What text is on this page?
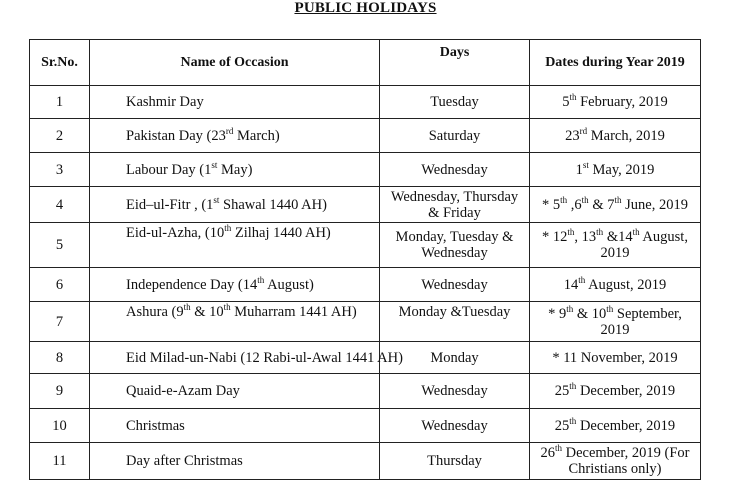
PUBLIC HOLIDAYS
Sr.No.	Name of Occasion	Days	Dates during Year 2019
1	Kashmir Day	Tuesday	5th February, 2019
2	Pakistan Day (23rd March)	Saturday	23rd March, 2019
3	Labour Day (1st May)	Wednesday	1st May, 2019
4	Eid–ul-Fitr , (1st Shawal 1440 AH)	Wednesday, Thursday & Friday	* 5th ,6th & 7th June, 2019
5	Eid-ul-Azha, (10th Zilhaj 1440 AH)	Monday, Tuesday & Wednesday	* 12th, 13th &14th August, 2019
6	Independence Day (14th August)	Wednesday	14th August, 2019
7	Ashura (9th & 10th Muharram 1441 AH)	Monday &Tuesday	* 9th & 10th September, 2019
8	Eid Milad-un-Nabi (12 Rabi-ul-Awal 1441 AH)	Monday	* 11 November, 2019
9	Quaid-e-Azam Day	Wednesday	25th December, 2019
10	Christmas	Wednesday	25th December, 2019
11	Day after Christmas	Thursday	26th December, 2019 (For Christians only)
